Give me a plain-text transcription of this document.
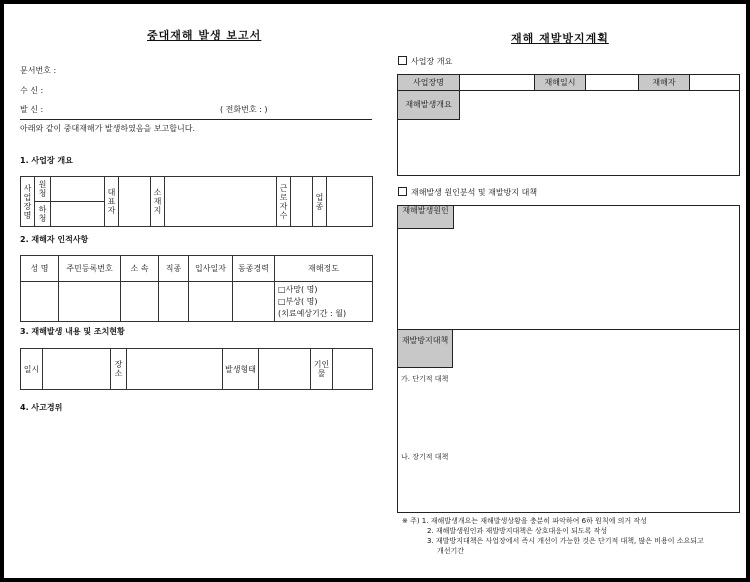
중대재해 발생 보고서
문서번호 :
수 신 :
발 신 :	( 전화번호 : )
아래와 같이 중대재해가 발생하였음을 보고합니다.
1. 사업장 개요
사업장명	원청		대표자		소재지		근로자수		업종	
	하청									
2. 재해자 인적사항
성 명	주민등록번호	소 속	직종	입사일자	동종경력	재해정도

						□사망( 명)
□부상( 명)
(치료예상기간 : 월)
3. 재해발생 내용 및 조치현황
일시		장소		발생형태		기인물	
4. 사고경위
재해 재발방지계획
사업장 개요
사업장명	재해일시	재해자
재해발생개요
재해발생 원인분석 및 재발방지 대책
재해발생원인
재발방지대책
가. 단기적 대책
나. 장기적 대책
※ 주) 1. 재해발생개요는 재해발생상황을 충분히 파악하여 6하 원칙에 의거 작성
2. 재해발생원인과 재발방지대책은 상호대응이 되도록 작성
3. 재발방지대책은 사업장에서 즉시 개선이 가능한 것은 단기적 대책, 많은 비용이 소요되고
개선기간
